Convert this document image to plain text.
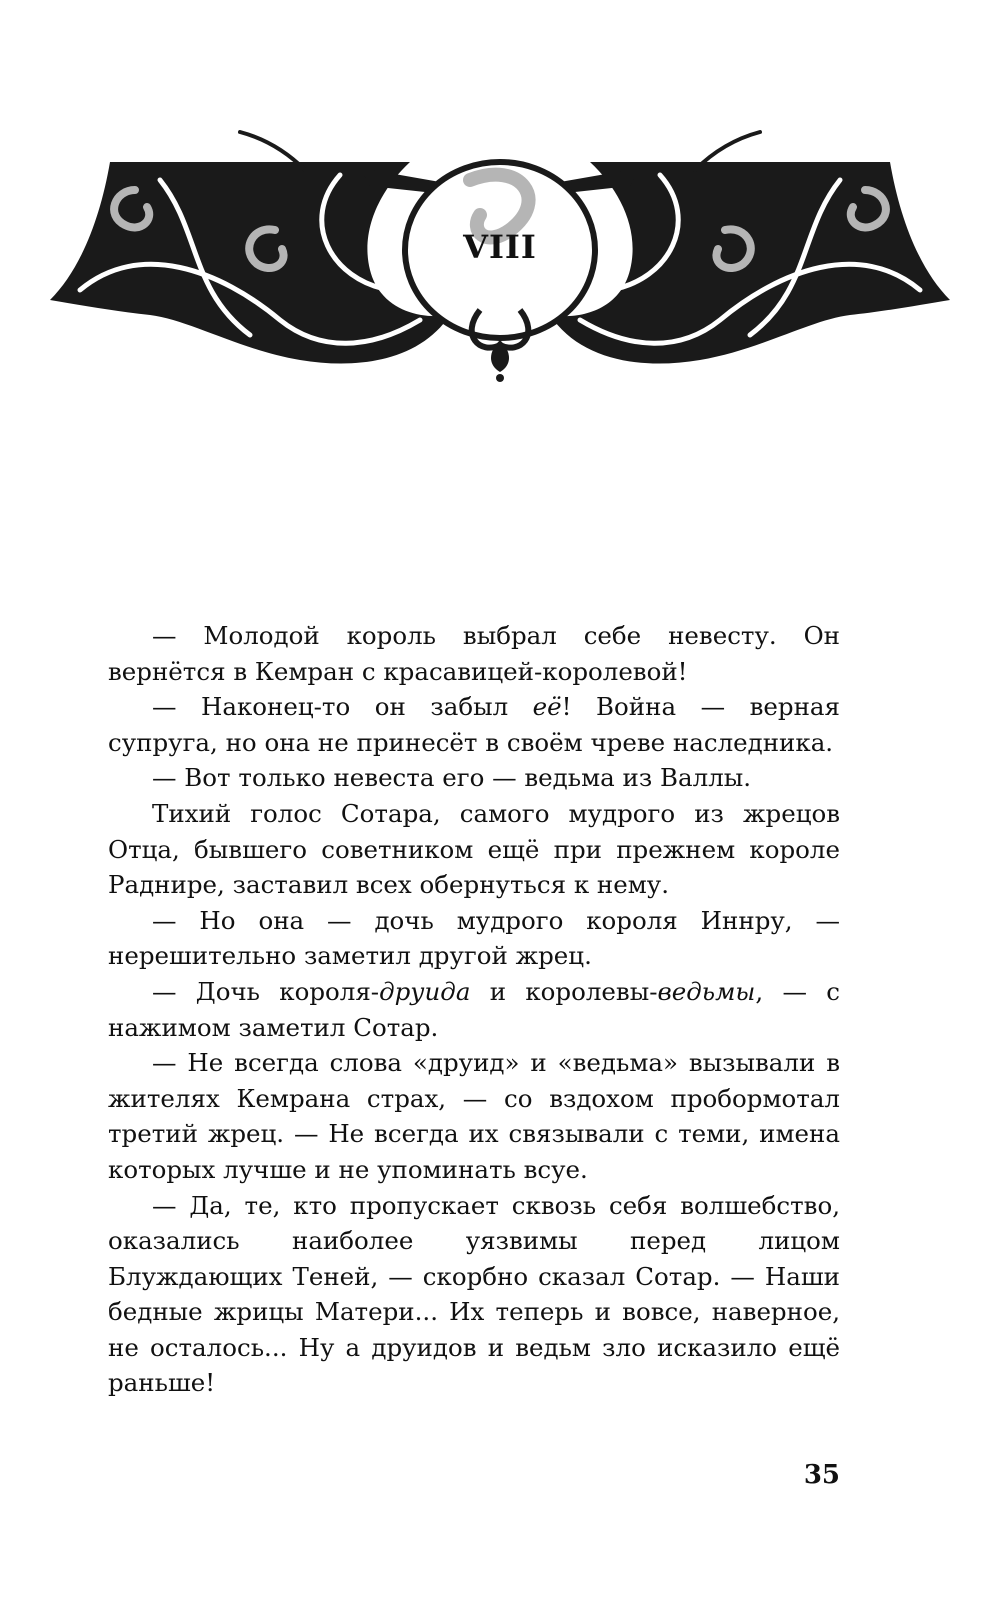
VIII

— Молодой король выбрал себе невесту. Он вернётся в Кемран с красавицей-королевой!

— Наконец-то он забыл её! Война — верная супруга, но она не принесёт в своём чреве наследника.

— Вот только невеста его — ведьма из Валлы.

Тихий голос Сотара, самого мудрого из жрецов Отца, бывшего советником ещё при прежнем короле Раднире, заставил всех обернуться к нему.

— Но она — дочь мудрого короля Иннру, — нерешительно заметил другой жрец.

— Дочь короля-друида и королевы-ведьмы, — с нажимом заметил Сотар.

— Не всегда слова «друид» и «ведьма» вызывали в жителях Кемрана страх, — со вздохом пробормотал третий жрец. — Не всегда их связывали с теми, имена которых лучше и не упоминать всуе.

— Да, те, кто пропускает сквозь себя волшебство, оказались наиболее уязвимы перед лицом Блуждающих Теней, — скорбно сказал Сотар. — Наши бедные жрицы Матери... Их теперь и вовсе, наверное, не осталось... Ну а друидов и ведьм зло исказило ещё раньше!

35
